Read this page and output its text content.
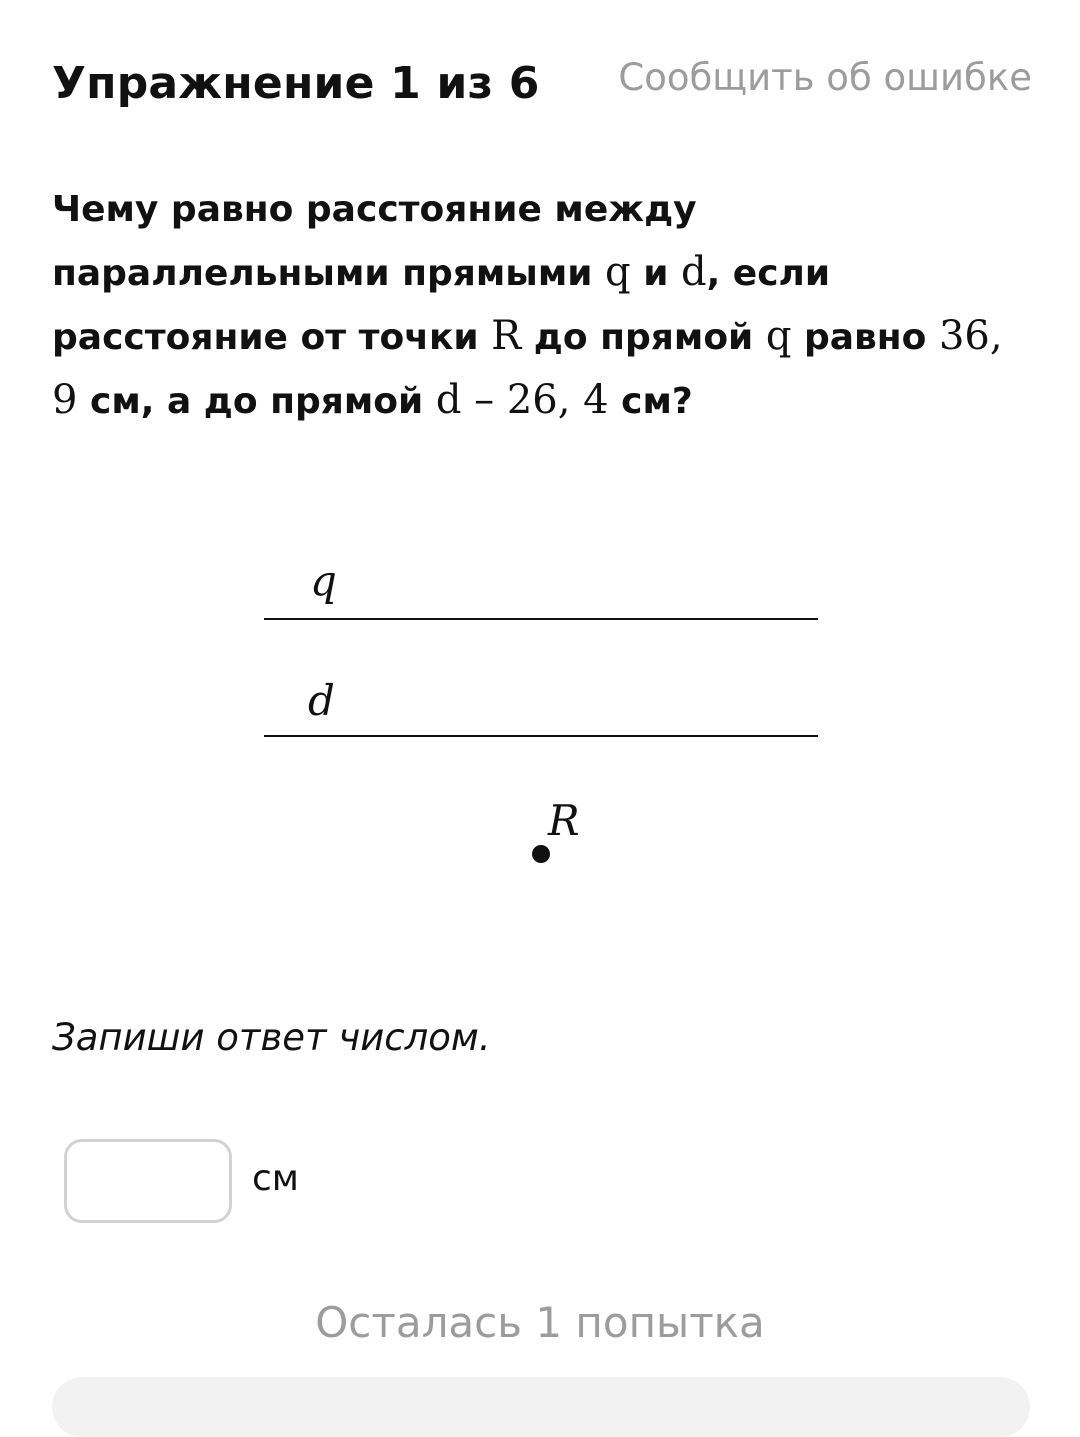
Упражнение 1 из 6 Сообщить об ошибке
Чему равно расстояние между параллельными прямыми q и d, если расстояние от точки R до прямой q равно 36, 9 см, а до прямой d – 26, 4 см?
q
d
R
Запиши ответ числом.
см
Осталась 1 попытка
